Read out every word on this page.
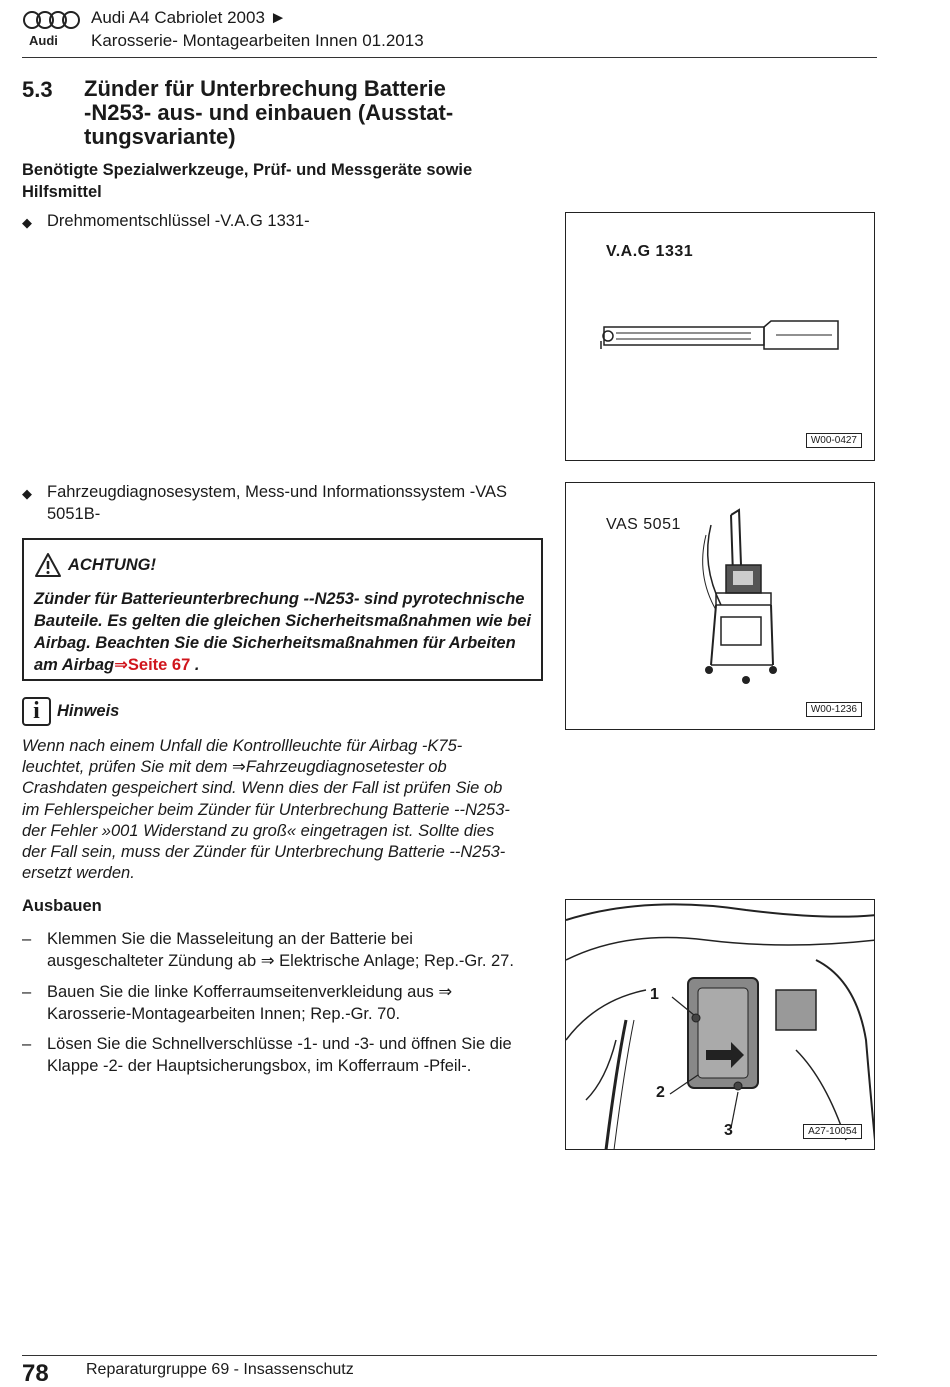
Audi
Audi A4 Cabriolet 2003 ►
Karosserie- Montagearbeiten Innen 01.2013
5.3 Zünder für Unterbrechung Batterie
-N253- aus- und einbauen (Ausstat-
tungsvariante)
Benötigte Spezialwerkzeuge, Prüf- und Messgeräte sowie Hilfsmittel
◆ Drehmomentschlüssel -V.A.G 1331-
◆ Fahrzeugdiagnosesystem, Mess-und Informationssystem -VAS 5051B-
V.A.G 1331
W00-0427
VAS 5051
W00-1236
ACHTUNG!
Zünder für Batterieunterbrechung --N253- sind pyrotechnische Bauteile. Es gelten die gleichen Sicherheitsmaßnahmen wie bei Airbag. Beachten Sie die Sicherheitsmaßnahmen für Arbeiten am Airbag⇒Seite 67 .
i	Hinweis
Wenn nach einem Unfall die Kontrollleuchte für Airbag -K75- leuchtet, prüfen Sie mit dem ⇒Fahrzeugdiagnosetester ob Crashdaten gespeichert sind. Wenn dies der Fall ist prüfen Sie ob im Fehlerspeicher beim Zünder für Unterbrechung Batterie --N253- der Fehler »001 Widerstand zu groß« eingetragen ist. Sollte dies der Fall sein, muss der Zünder für Unterbrechung Batterie --N253- ersetzt werden.
Ausbauen
– Klemmen Sie die Masseleitung an der Batterie bei ausgeschalteter Zündung ab ⇒ Elektrische Anlage; Rep.-Gr. 27.
– Bauen Sie die linke Kofferraumseitenverkleidung aus ⇒ Karosserie-Montagearbeiten Innen; Rep.-Gr. 70.
– Lösen Sie die Schnellverschlüsse -1- und -3- und öffnen Sie die Klappe -2- der Hauptsicherungsbox, im Kofferraum -Pfeil-.
1
2
3	A27-10054
78 Reparaturgruppe 69 - Insassenschutz
